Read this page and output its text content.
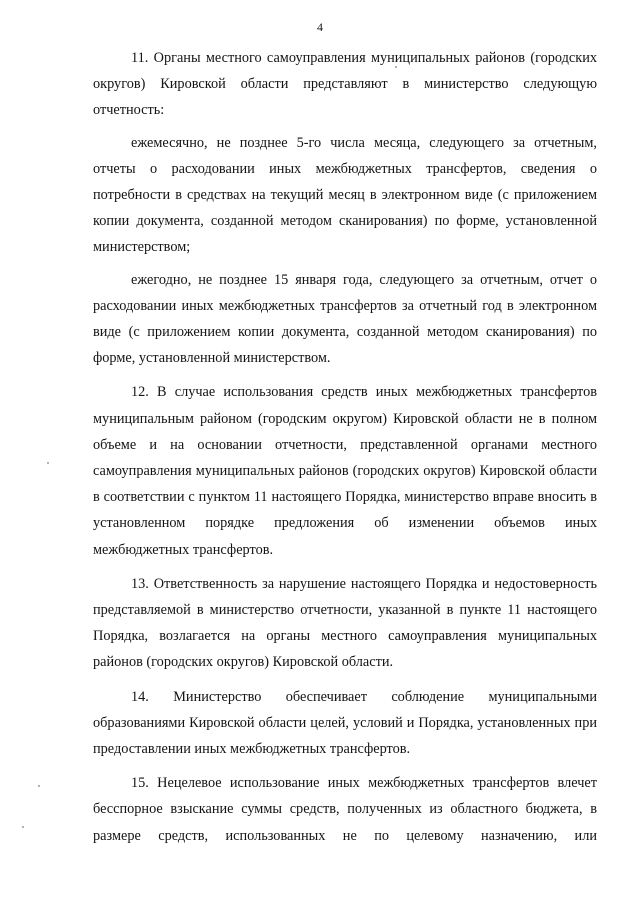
4

11. Органы местного самоуправления муниципальных районов (городских округов) Кировской области представляют в министерство следующую отчетность:

ежемесячно, не позднее 5-го числа месяца, следующего за отчетным, отчеты о расходовании иных межбюджетных трансфертов, сведения о потребности в средствах на текущий месяц в электронном виде (с приложением копии документа, созданной методом сканирования) по форме, установленной министерством;

ежегодно, не позднее 15 января года, следующего за отчетным, отчет о расходовании иных межбюджетных трансфертов за отчетный год в электронном виде (с приложением копии документа, созданной методом сканирования) по форме, установленной министерством.

12. В случае использования средств иных межбюджетных трансфертов муниципальным районом (городским округом) Кировской области не в полном объеме и на основании отчетности, представленной органами местного самоуправления муниципальных районов (городских округов) Кировской области в соответствии с пунктом 11 настоящего Порядка, министерство вправе вносить в установленном порядке предложения об изменении объемов иных межбюджетных трансфертов.

13. Ответственность за нарушение настоящего Порядка и недостоверность представляемой в министерство отчетности, указанной в пункте 11 настоящего Порядка, возлагается на органы местного самоуправления муниципальных районов (городских округов) Кировской области.

14. Министерство обеспечивает соблюдение муниципальными образованиями Кировской области целей, условий и Порядка, установленных при предоставлении иных межбюджетных трансфертов.

15. Нецелевое использование иных межбюджетных трансфертов влечет бесспорное взыскание суммы средств, полученных из областного бюджета, в размере средств, использованных не по целевому назначению, или
